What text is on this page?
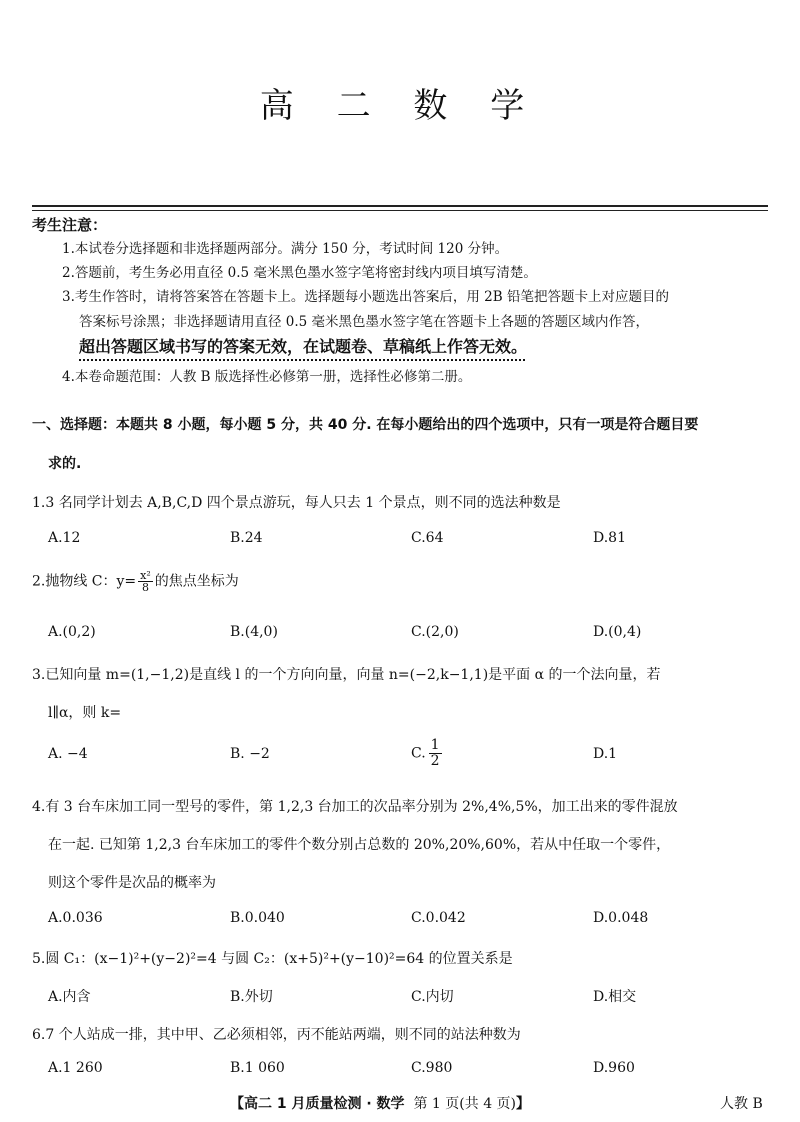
高 二 数 学
考生注意：
1.本试卷分选择题和非选择题两部分。满分 150 分，考试时间 120 分钟。
2.答题前，考生务必用直径 0.5 毫米黑色墨水签字笔将密封线内项目填写清楚。
3.考生作答时，请将答案答在答题卡上。选择题每小题选出答案后，用 2B 铅笔把答题卡上对应题目的
答案标号涂黑；非选择题请用直径 0.5 毫米黑色墨水签字笔在答题卡上各题的答题区域内作答，
超出答题区域书写的答案无效，在试题卷、草稿纸上作答无效。
4.本卷命题范围：人教 B 版选择性必修第一册，选择性必修第二册。
一、选择题：本题共 8 小题，每小题 5 分，共 40 分. 在每小题给出的四个选项中，只有一项是符合题目要
求的.
1.3 名同学计划去 A,B,C,D 四个景点游玩，每人只去 1 个景点，则不同的选法种数是
A.12	B.24	C.64	D.81
2.抛物线 C：$y= \frac{\text{x²}}{8}$ 的焦点坐标为
A.(0,2)	B.(4,0)	C.(2,0)	D.(0,4)
3.已知向量 m=(1,−1,2)是直线 l 的一个方向向量，向量 n=(−2,k−1,1)是平面 α 的一个法向量，若
l∥α，则 k=
A. −4	B. −2	C. $\frac{1}{2}$	D.1
4.有 3 台车床加工同一型号的零件，第 1,2,3 台加工的次品率分别为 2%,4%,5%，加工出来的零件混放
在一起. 已知第 1,2,3 台车床加工的零件个数分别占总数的 20%,20%,60%，若从中任取一个零件，
则这个零件是次品的概率为
A.0.036	B.0.040	C.0.042	D.0.048
5.圆 C₁：(x−1)²+(y−2)²=4 与圆 C₂：(x+5)²+(y−10)²=64 的位置关系是
A.内含	B.外切	C.内切	D.相交
6.7 个人站成一排，其中甲、乙必须相邻，丙不能站两端，则不同的站法种数为
A.1 260	B.1 060	C.980	D.960
【高二 1 月质量检测 · 数学 第 1 页(共 4 页)】	人教 B
